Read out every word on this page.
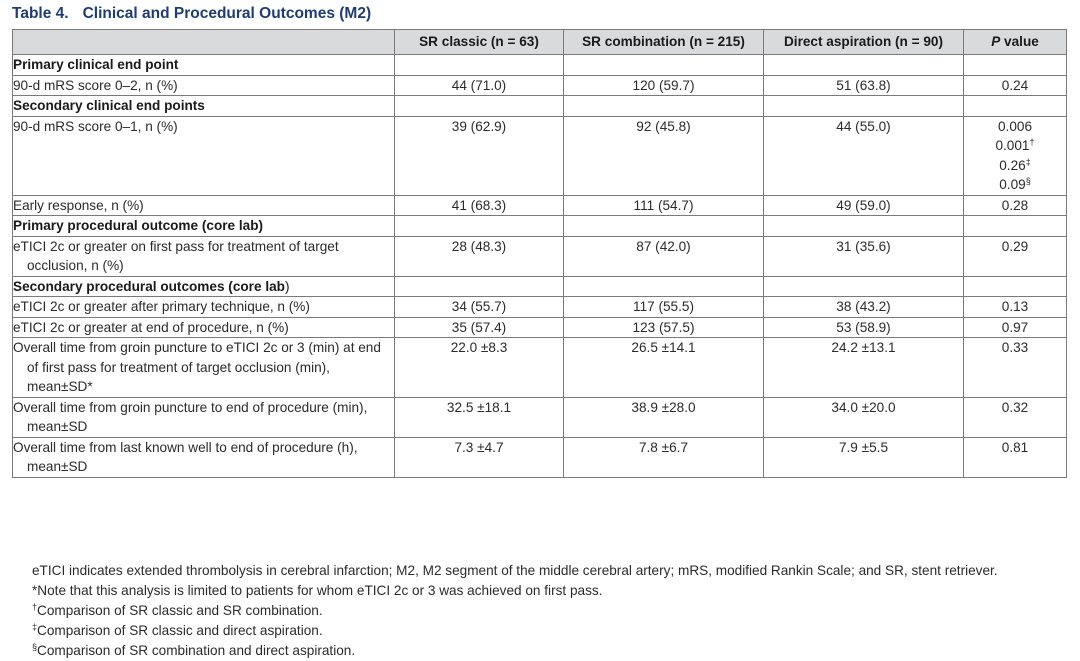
Table 4. Clinical and Procedural Outcomes (M2)
	SR classic (n = 63)	SR combination (n = 215)	Direct aspiration (n = 90)	P value
Primary clinical end point				
90-d mRS score 0–2, n (%)	44 (71.0)	120 (59.7)	51 (63.8)	0.24
Secondary clinical end points				
90-d mRS score 0–1, n (%)	39 (62.9)	92 (45.8)	44 (55.0)	0.006
0.001†
0.26‡
0.09§

Early response, n (%)	41 (68.3)	111 (54.7)	49 (59.0)	0.28
Primary procedural outcome (core lab)				

eTICI 2c or greater on first pass for treatment of target occlusion, n (%)	28 (48.3)	87 (42.0)	31 (35.6)	0.29
Secondary procedural outcomes (core lab)				
eTICI 2c or greater after primary technique, n (%)	34 (55.7)	117 (55.5)	38 (43.2)	0.13
eTICI 2c or greater at end of procedure, n (%)	35 (57.4)	123 (57.5)	53 (58.9)	0.97

Overall time from groin puncture to eTICI 2c or 3 (min) at end of first pass for treatment of target occlusion (min), mean±SD*	22.0 ±8.3	26.5 ±14.1	24.2 ±13.1	0.33

Overall time from groin puncture to end of procedure (min), mean±SD	32.5 ±18.1	38.9 ±28.0	34.0 ±20.0	0.32

Overall time from last known well to end of procedure (h), mean±SD	7.3 ±4.7	7.8 ±6.7	7.9 ±5.5	0.81
eTICI indicates extended thrombolysis in cerebral infarction; M2, M2 segment of the middle cerebral artery; mRS, modified Rankin Scale; and SR, stent retriever.
*Note that this analysis is limited to patients for whom eTICI 2c or 3 was achieved on first pass.
†Comparison of SR classic and SR combination.
‡Comparison of SR classic and direct aspiration.
§Comparison of SR combination and direct aspiration.
